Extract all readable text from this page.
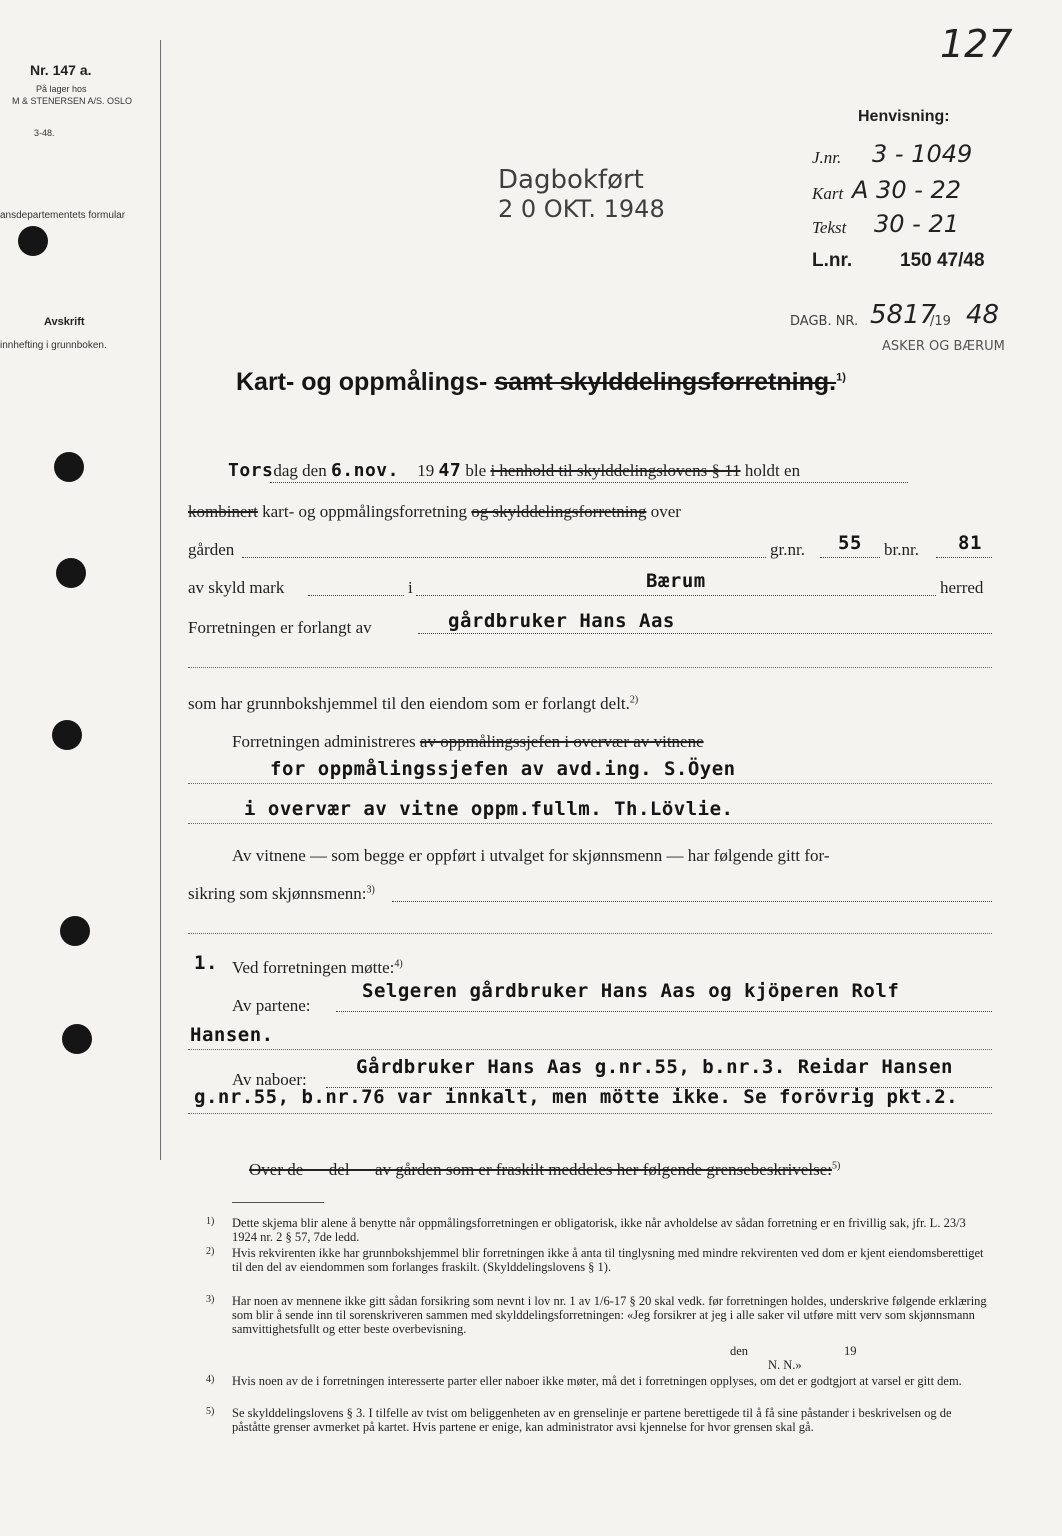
Nr. 147 a.
På lager hos
M & STENERSEN A/S. OSLO
3-48.
ansdepartementets formular
Avskrift
innhefting i grunnboken.
127
Dagbokført
2 0 OKT. 1948
Henvisning:
J.nr. 3 - 1049
Kart A 30 - 22
Tekst 30 - 21
L.nr.	150 47/48
DAGB. NR. 5817
/19 48
ASKER OG BÆRUM
Kart- og oppmålings- samt skylddelingsforretning.$^{1)}$
Torsdag den 6.nov. 19 47 ble i henhold til skylddelingslovens § 11 holdt en
kombinert kart- og oppmålingsforretning og skylddelingsforretning over
gården	gr.nr. 55 br.nr. 81
av skyld mark	i	Bærum	herred
Forretningen er forlangt av	gårdbruker Hans Aas
som har grunnbokshjemmel til den eiendom som er forlangt delt.$^{2)}$
Forretningen administreres av oppmålingssjefen i overvær av vitnene
for oppmålingssjefen av avd.ing. S.Öyen
i overvær av vitne oppm.fullm. Th.Lövlie.
Av vitnene — som begge er oppført i utvalget for skjønnsmenn — har følgende gitt for-
sikring som skjønnsmenn:$^{3)}$
1. Ved forretningen møtte:$^{4)}$
Av partene:
Selgeren gårdbruker Hans Aas og kjöperen Rolf
Hansen.
Av naboer:
Gårdbruker Hans Aas g.nr.55, b.nr.3. Reidar Hansen
g.nr.55, b.nr.76 var innkalt, men mötte ikke. Se forövrig pkt.2.

Over de      del      av gården som er fraskilt meddeles her følgende grensebeskrivelse:$^{5)}$

1) Dette skjema blir alene å benytte når oppmålingsforretningen er obligatorisk, ikke når avholdelse av sådan forretning er en frivillig sak, jfr. L. 23/3 1924 nr. 2 § 57, 7de ledd.
2) Hvis rekvirenten ikke har grunnbokshjemmel blir forretningen ikke å anta til tinglysning med mindre rekvirenten ved dom er kjent eiendomsberettiget til den del av eiendommen som forlanges fraskilt. (Skylddelingslovens § 1).
3) Har noen av mennene ikke gitt sådan forsikring som nevnt i lov nr. 1 av 1/6-17 § 20 skal vedk. før forretningen holdes, underskrive følgende erklæring som blir å sende inn til sorenskriveren sammen med skylddelingsforretningen: «Jeg forsikrer at jeg i alle saker vil utføre mitt verv som skjønnsmann samvittighetsfullt og etter beste overbevisning.
den	19
N. N.»
4) Hvis noen av de i forretningen interesserte parter eller naboer ikke møter, må det i forretningen opplyses, om det er godtgjort at varsel er gitt dem.
5) Se skylddelingslovens § 3. I tilfelle av tvist om beliggenheten av en grenselinje er partene berettigede til å få sine påstander i beskrivelsen og de påståtte grenser avmerket på kartet. Hvis partene er enige, kan administrator avsi kjennelse for hvor grensen skal gå.
